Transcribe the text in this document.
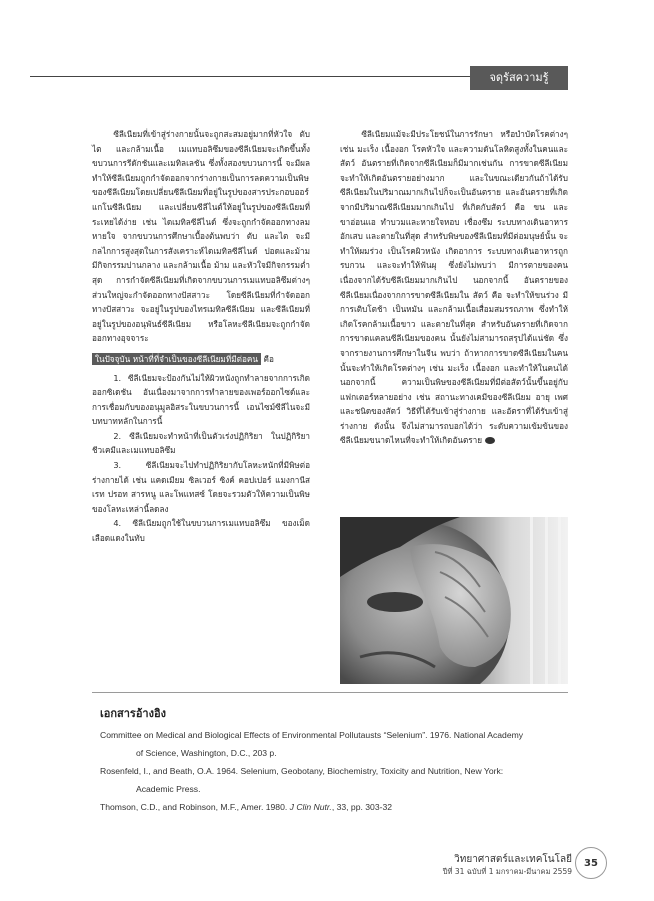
จดุรัสความรู้

ซีลีเนียมที่เข้าสู่ร่างกายนั้นจะถูกสะสมอยู่มากที่หัวใจ ตับ ไต และกล้ามเนื้อ เมแทบอลิซึมของซีลีเนียมจะเกิดขึ้นทั้งขบวนการรีดักชันและเมทิลเลชัน ซึ่งทั้งสองขบวนการนี้ จะมีผลทำให้ซีลีเนียมถูกกำจัดออกจากร่างกายเป็นการลดความเป็นพิษของซีลีเนียมโดยเปลี่ยนซีลีเนียมที่อยู่ในรูปของสารประกอบออร์แกโนซีลีเนียม และเปลี่ยนซีลีไนต์ให้อยู่ในรูปของซีลีเนียมที่ระเหยได้ง่าย เช่น ไดเมทิลซีลีไนด์ ซึ่งจะถูกกำจัดออกทางลมหายใจ จากขบวนการศึกษาเบื้องต้นพบว่า ตับ และไต จะมีกลไกการสูงสุดในการสังเคราะห์ไดเมทิลซีลีไนด์ ปอดและม้ามมีกิจกรรมปานกลาง และกล้ามเนื้อ ม้าม และหัวใจมีกิจกรรมต่ำ สุด การกำจัดซีลีเนียมที่เกิดจากขบวนการเมแทบอลิซึมต่างๆ ส่วนใหญ่จะกำจัดออกทางปัสสาวะ โดยซีลีเนียมที่กำจัดออกทางปัสสาวะ จะอยู่ในรูปของไทรเมทิลซีลีเนียม และซีลีเนียมที่อยู่ในรูปของอนุพันธ์ซีลีเนียม หรือโลหะซีลีเนียมจะถูกกำจัดออกทางอุจจาระ

ในปัจจุบัน หน้าที่ที่จำเป็นของซีลีเนียมที่มีต่อคน คือ

1. ซีลีเนียมจะป้องกันไม่ให้ผิวหนังถูกทำลายจากการเกิดออกซิเดชัน อันเนื่องมาจากการทำลายของเพอร์ออกไซด์และการเชื่อมกับของอนุมูลอิสระในขบวนการนี้ เอนไซม์ซีลีไนจะมีบทบาทหลักในการนี้

2. ซีลีเนียมจะทำหน้าที่เป็นตัวเร่งปฏิกิริยา ในปฏิกิริยาชีวเคมีและเมแทบอลิซึม

3. ซีลีเนียมจะไปทำปฏิกิริยากับโลหะหนักที่มีพิษต่อร่างกายได้ เช่น แคดเมียม ซิลเวอร์ ซิงค์ คอปเปอร์ แมงกานีส เรท ปรอท สารหนู และโพแทสซ์ โดยจะรวมตัวให้ความเป็นพิษของโลหะเหล่านี้ลดลง

4. ซีลีเนียมถูกใช้ในขบวนการเมแทบอลิซึม ของเม็ดเลือดแดงในทับ

ซีลีเนียมแม้จะมีประโยชน์ในการรักษา หรือบำบัดโรคต่างๆ เช่น มะเร็ง เนื้องอก โรคหัวใจ และความดันโลหิตสูงทั้งในคนและสัตว์ อันตรายที่เกิดจากซีลีเนียมก็มีมากเช่นกัน การขาดซีลีเนียมจะทำให้เกิดอันตรายอย่างมาก และในขณะเดียวกันถ้าได้รับซีลีเนียมในปริมาณมากเกินไปก็จะเป็นอันตราย และอันตรายที่เกิดจากมีปริมาณซีลีเนียมมากเกินไป ที่เกิดกับสัตว์ คือ ขน และขาอ่อนแอ ทำบวมและหายใจหอบ เชื่องซึม ระบบทางเดินอาหารอักเสบ และตายในที่สุด สำหรับพิษของซีลีเนียมที่มีต่อมนุษย์นั้น จะทำให้ผมร่วง เป็นโรคผิวหนัง เกิดอาการ ระบบทางเดินอาหารถูกรบกวน และจะทำให้ฟันผุ ซึ่งยังไม่พบว่า มีการตายของคนเนื่องจากได้รับซีลีเนียมมากเกินไป นอกจากนี้ อันตรายของซีลีเนียมเนื่องจากการขาดซีลีเนียมใน สัตว์ คือ จะทำให้ขนร่วง มีการเติบโตช้า เป็นหมัน และกล้ามเนื้อเสื่อมสมรรถภาพ ซึ่งทำให้เกิดโรคกล้ามเนื้อขาว และตายในที่สุด สำหรับอันตรายที่เกิดจากการขาดแคลนซีลีเนียมของคน นั้นยังไม่สามารถสรุปได้แน่ชัด ซึ่งจากรายงานการศึกษาในจีน พบว่า ถ้าหากการขาดซีลีเนียมในคนนั้นจะทำให้เกิดโรคต่างๆ เช่น มะเร็ง เนื้องอก และทำให้ในคนได้ นอกจากนี้ ความเป็นพิษของซีลีเนียมที่มีต่อสัตว์นั้นขึ้นอยู่กับแฟกเตอร์หลายอย่าง เช่น สถานะทางเคมีของซีลีเนียม อายุ เพศ และชนิดของสัตว์ วิธีที่ได้รับเข้าสู่ร่างกาย และอัตราที่ได้รับเข้าสู่ร่างกาย ดังนั้น จึงไม่สามารถบอกได้ว่า ระดับความเข้มข้นของซีลีเนียมขนาดไหนที่จะทำให้เกิดอันตราย

เอกสารอ้างอิง

Committee on Medical and Biological Effects of Environmental Pollutausts “Selenium”. 1976. National Academy

of Science, Washington, D.C., 203 p.

Rosenfeld, I., and Beath, O.A. 1964. Selenium, Geobotany, Biochemistry, Toxicity and Nutrition, New York:

Academic Press.

Thomson, C.D., and Robinson, M.F., Amer. 1980. J Clin Nutr., 33, pp. 303-32

วิทยาศาสตร์และเทคโนโลยี
ปีที่ 31 ฉบับที่ 1 มกราคม-มีนาคม 2559
35
